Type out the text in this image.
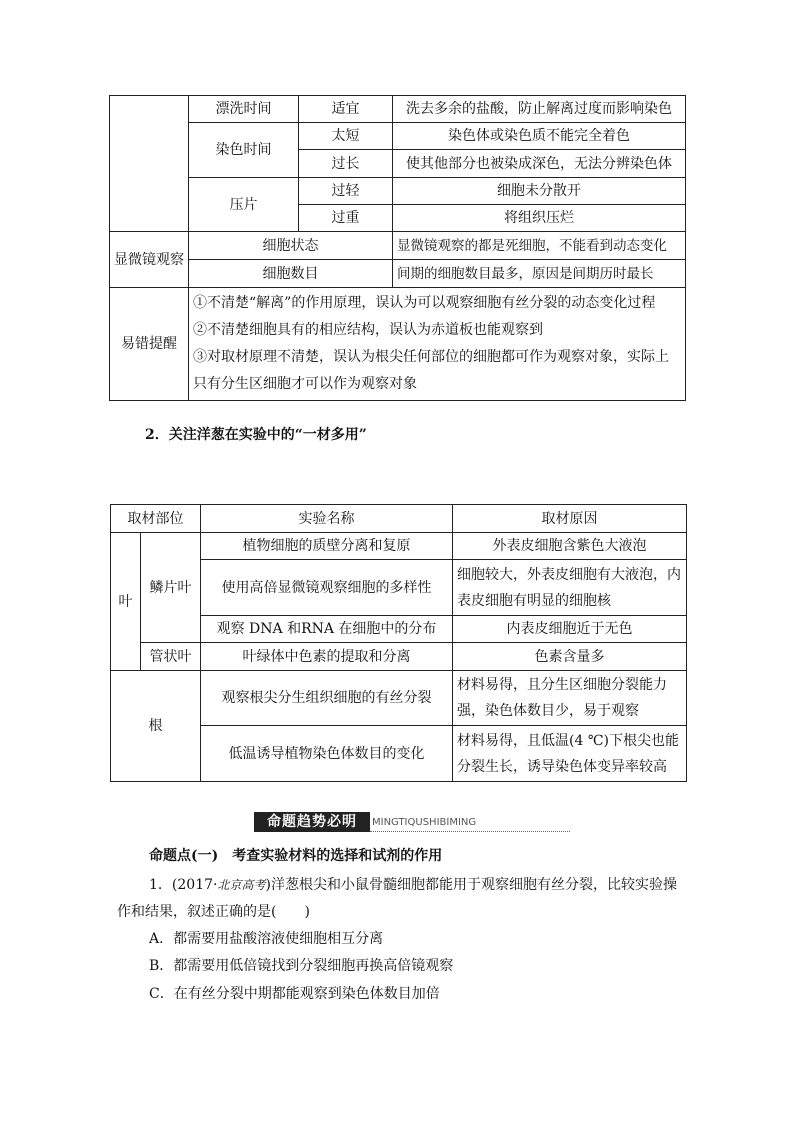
	漂洗时间	适宜	洗去多余的盐酸，防止解离过度而影响染色
	染色时间	太短	染色体或染色质不能完全着色
		过长	使其他部分也被染成深色，无法分辨染色体
	压片	过轻	细胞未分散开
		过重	将组织压烂
显微镜观察	细胞状态		显微镜观察的都是死细胞，不能看到动态变化
	细胞数目		间期的细胞数目最多，原因是间期历时最长
易错提醒	①不清楚“解离”的作用原理，误认为可以观察细胞有丝分裂的动态变化过程
②不清楚细胞具有的相应结构，误认为赤道板也能观察到
③对取材原理不清楚，误认为根尖任何部位的细胞都可作为观察对象，实际上
只有分生区细胞才可以作为观察对象		
2．关注洋葱在实验中的“一材多用”
取材部位		实验名称	取材原因
叶	鳞片叶	植物细胞的质壁分离和复原	外表皮细胞含紫色大液泡
		使用高倍显微镜观察细胞的多样性	细胞较大，外表皮细胞有大液泡，内表皮细胞有明显的细胞核
		观察 DNA 和RNA 在细胞中的分布	内表皮细胞近于无色
	管状叶	叶绿体中色素的提取和分离	色素含量多
根		观察根尖分生组织细胞的有丝分裂	材料易得，且分生区细胞分裂能力强，染色体数目少，易于观察
		低温诱导植物染色体数目的变化	材料易得，且低温(4 ℃)下根尖也能分裂生长，诱导染色体变异率较高
命题趋势必明	MINGTIQUSHIBIMING
命题点(一)　考查实验材料的选择和试剂的作用
1．(2017·北京高考)洋葱根尖和小鼠骨髓细胞都能用于观察细胞有丝分裂，比较实验操
作和结果，叙述正确的是(　　)
A．都需要用盐酸溶液使细胞相互分离
B．都需要用低倍镜找到分裂细胞再换高倍镜观察
C．在有丝分裂中期都能观察到染色体数目加倍
